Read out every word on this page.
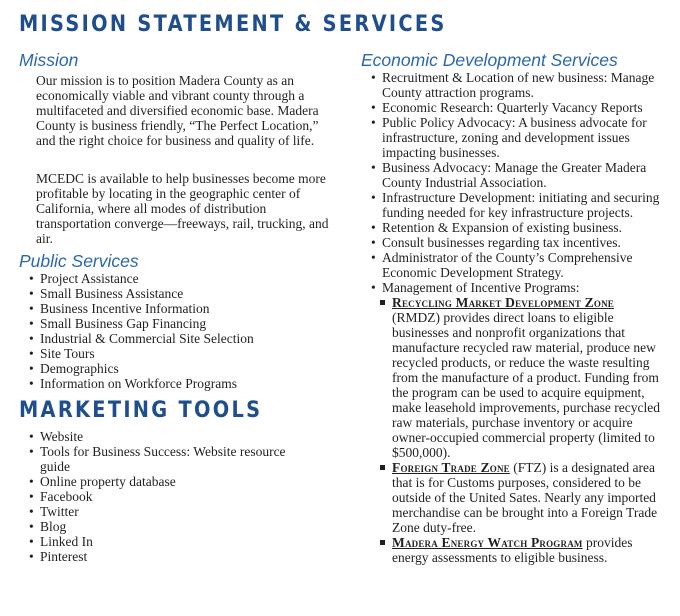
MISSION STATEMENT & SERVICES
Mission

Our mission is to position Madera County as an economically viable and vibrant county through a multifaceted and diversified economic base. Madera County is business friendly, “The Perfect Location,” and the right choice for business and quality of life.

MCEDC is available to help businesses become more profitable by locating in the geographic center of California, where all modes of distribution transportation converge—freeways, rail, trucking, and air.

Public Services
• Project Assistance
• Small Business Assistance
• Business Incentive Information
• Small Business Gap Financing
• Industrial & Commercial Site Selection
• Site Tours
• Demographics
• Information on Workforce Programs
MARKETING TOOLS
• Website
• Tools for Business Success: Website resource guide
• Online property database
• Facebook
• Twitter
• Blog
• Linked In
• Pinterest
Economic Development Services
• Recruitment & Location of new business: Manage County attraction programs.
• Economic Research: Quarterly Vacancy Reports
• Public Policy Advocacy: A business advocate for infrastructure, zoning and development issues impacting businesses.
• Business Advocacy: Manage the Greater Madera County Industrial Association.
• Infrastructure Development: initiating and securing funding needed for key infrastructure projects.
• Retention & Expansion of existing business.
• Consult businesses regarding tax incentives.
• Administrator of the County’s Comprehensive Economic Development Strategy.
• Management of Incentive Programs:
Recycling Market Development Zone (RMDZ) provides direct loans to eligible businesses and nonprofit organizations that manufacture recycled raw material, produce new recycled products, or reduce the waste resulting from the manufacture of a product. Funding from the program can be used to acquire equipment, make leasehold improvements, purchase recycled raw materials, purchase inventory or acquire owner-occupied commercial property (limited to $500,000).
Foreign Trade Zone (FTZ) is a designated area that is for Customs purposes, considered to be outside of the United Sates. Nearly any imported merchandise can be brought into a Foreign Trade Zone duty-free.
Madera Energy Watch Program provides energy assessments to eligible business.
